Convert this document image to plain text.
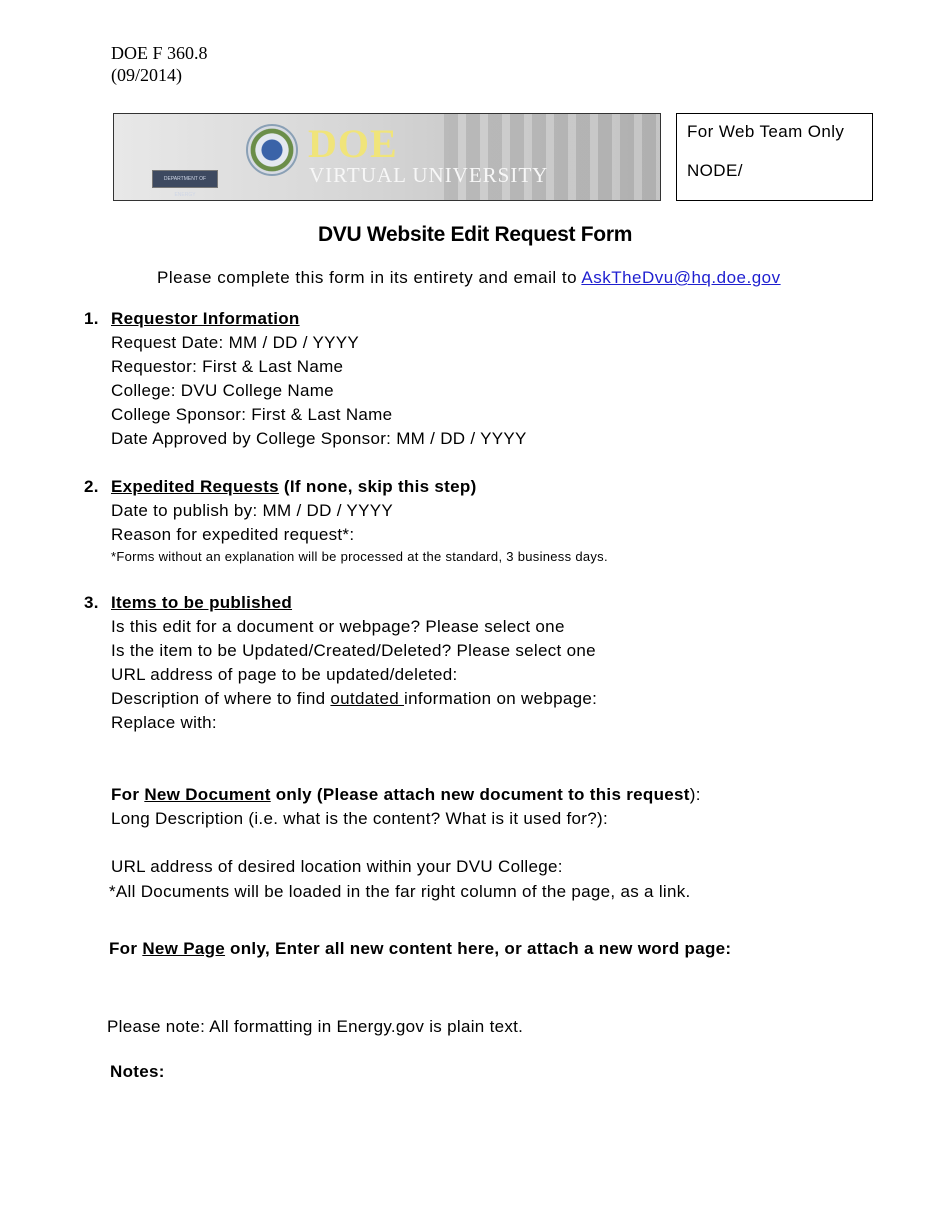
DOE F 360.8
(09/2014)
DEPARTMENT OF ENERGY
DOE
VIRTUAL UNIVERSITY
For Web Team Only
NODE/
DVU Website Edit Request Form
Please complete this form in its entirety and email to AskTheDvu@hq.doe.gov
1. Requestor Information
Request Date: MM / DD / YYYY
Requestor: First & Last Name
College: DVU College Name
College Sponsor: First & Last Name
Date Approved by College Sponsor: MM / DD / YYYY
2. Expedited Requests (If none, skip this step)
Date to publish by: MM / DD / YYYY
Reason for expedited request*:
*Forms without an explanation will be processed at the standard, 3 business days.
3. Items to be published
Is this edit for a document or webpage? Please select one
Is the item to be Updated/Created/Deleted? Please select one
URL address of page to be updated/deleted:
Description of where to find outdated information on webpage:
Replace with:
For New Document only (Please attach new document to this request):
Long Description (i.e. what is the content? What is it used for?):
URL address of desired location within your DVU College:
*All Documents will be loaded in the far right column of the page, as a link.
For New Page only, Enter all new content here, or attach a new word page:
Please note: All formatting in Energy.gov is plain text.
Notes:
